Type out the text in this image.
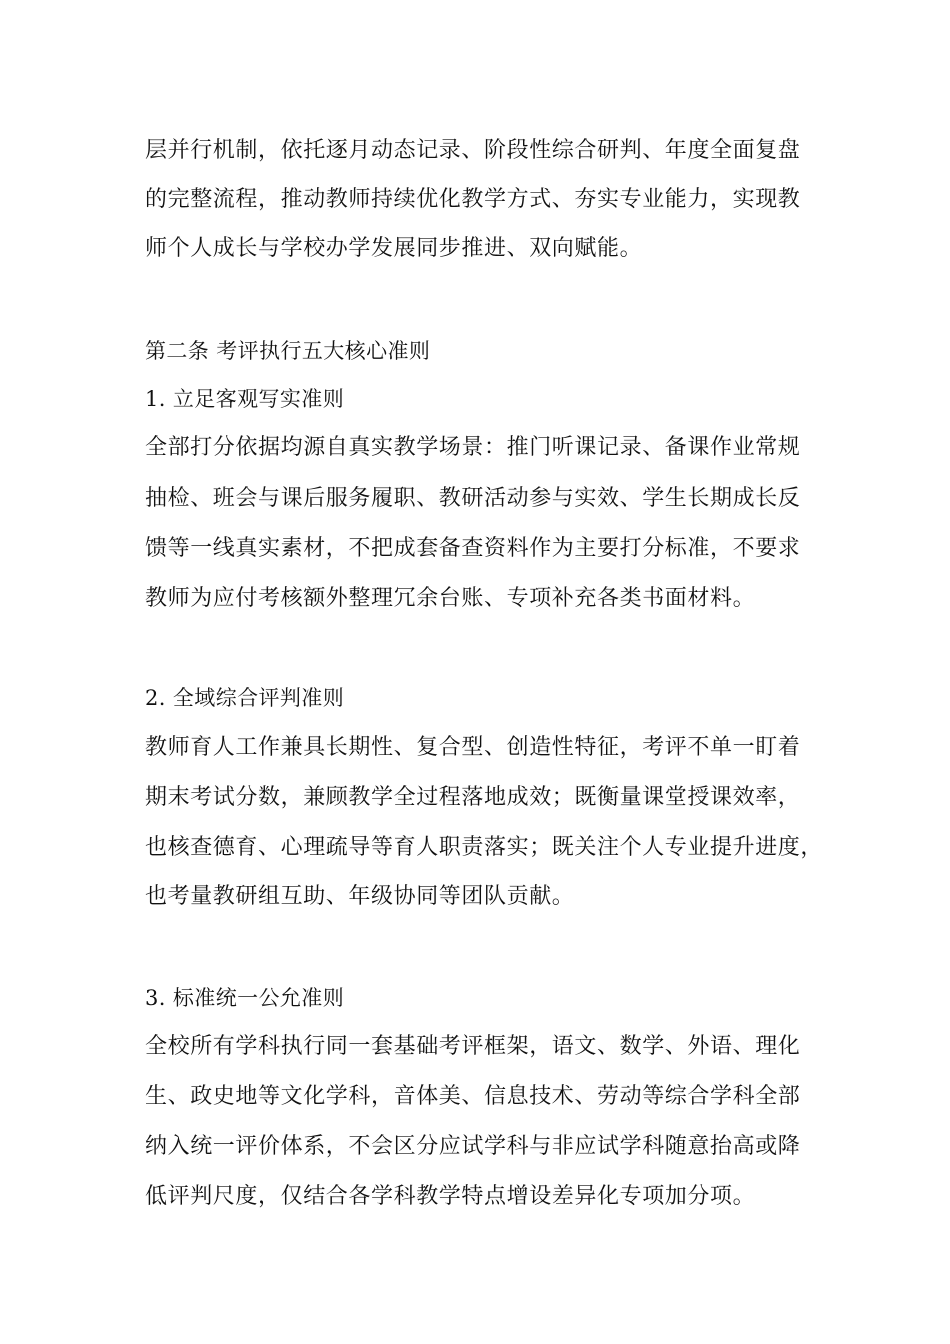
层并行机制，依托逐月动态记录、阶段性综合研判、年度全面复盘
的完整流程，推动教师持续优化教学方式、夯实专业能力，实现教
师个人成长与学校办学发展同步推进、双向赋能。
第二条 考评执行五大核心准则
1. 立足客观写实准则
全部打分依据均源自真实教学场景：推门听课记录、备课作业常规
抽检、班会与课后服务履职、教研活动参与实效、学生长期成长反
馈等一线真实素材，不把成套备查资料作为主要打分标准，不要求
教师为应付考核额外整理冗余台账、专项补充各类书面材料。
2. 全域综合评判准则
教师育人工作兼具长期性、复合型、创造性特征，考评不单一盯着
期末考试分数，兼顾教学全过程落地成效；既衡量课堂授课效率，
也核查德育、心理疏导等育人职责落实；既关注个人专业提升进度，
也考量教研组互助、年级协同等团队贡献。
3. 标准统一公允准则
全校所有学科执行同一套基础考评框架，语文、数学、外语、理化
生、政史地等文化学科，音体美、信息技术、劳动等综合学科全部
纳入统一评价体系，不会区分应试学科与非应试学科随意抬高或降
低评判尺度，仅结合各学科教学特点增设差异化专项加分项。
